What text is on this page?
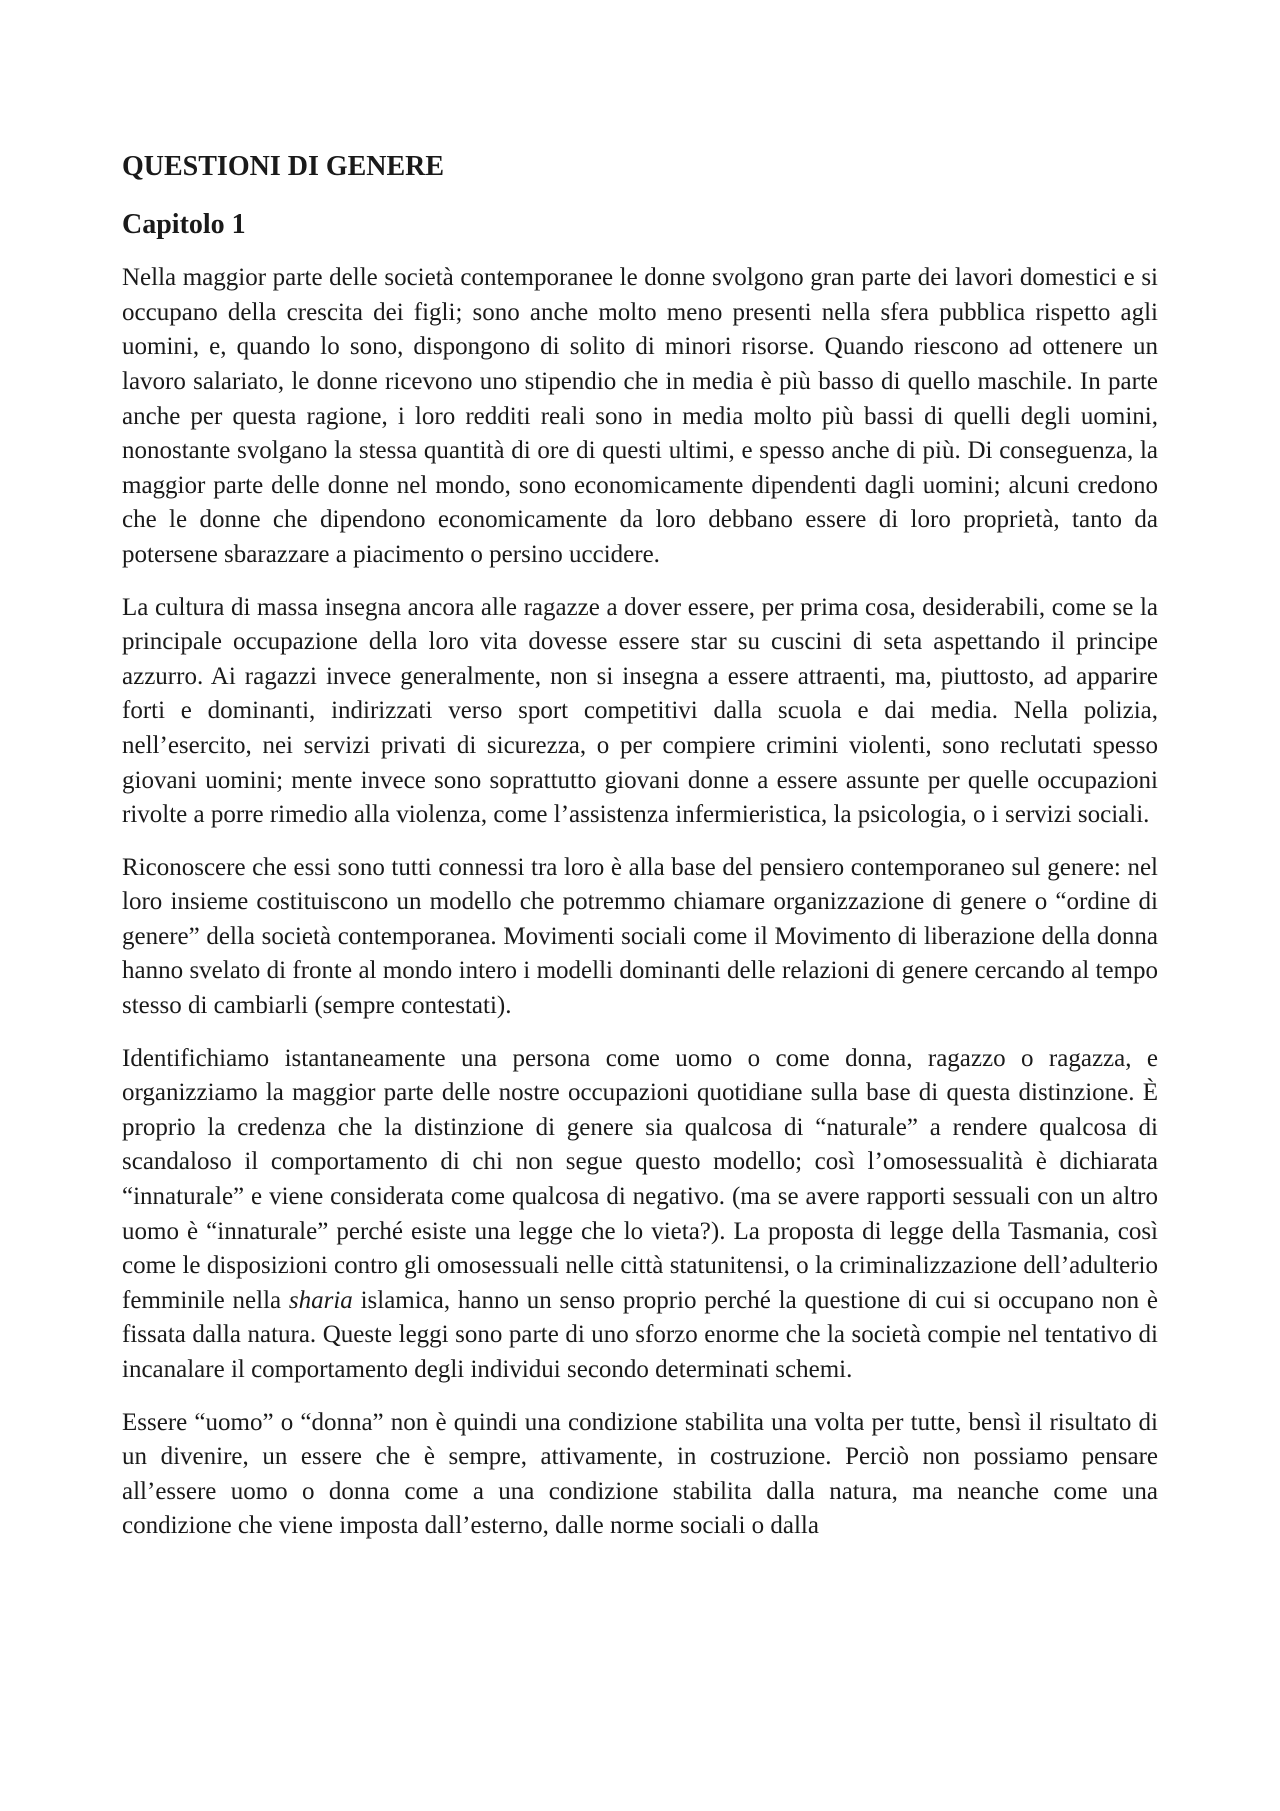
QUESTIONI DI GENERE
Capitolo 1

Nella maggior parte delle società contemporanee le donne svolgono gran parte dei lavori domestici e si occupano della crescita dei figli; sono anche molto meno presenti nella sfera pubblica rispetto agli uomini, e, quando lo sono, dispongono di solito di minori risorse. Quando riescono ad ottenere un lavoro salariato, le donne ricevono uno stipendio che in media è più basso di quello maschile. In parte anche per questa ragione, i loro redditi reali sono in media molto più bassi di quelli degli uomini, nonostante svolgano la stessa quantità di ore di questi ultimi, e spesso anche di più. Di conseguenza, la maggior parte delle donne nel mondo, sono economicamente dipendenti dagli uomini; alcuni credono che le donne che dipendono economicamente da loro debbano essere di loro proprietà, tanto da potersene sbarazzare a piacimento o persino uccidere.

La cultura di massa insegna ancora alle ragazze a dover essere, per prima cosa, desiderabili, come se la principale occupazione della loro vita dovesse essere star su cuscini di seta aspettando il principe azzurro. Ai ragazzi invece generalmente, non si insegna a essere attraenti, ma, piuttosto, ad apparire forti e dominanti, indirizzati verso sport competitivi dalla scuola e dai media. Nella polizia, nell’esercito, nei servizi privati di sicurezza, o per compiere crimini violenti, sono reclutati spesso giovani uomini; mente invece sono soprattutto giovani donne a essere assunte per quelle occupazioni rivolte a porre rimedio alla violenza, come l’assistenza infermieristica, la psicologia, o i servizi sociali.

Riconoscere che essi sono tutti connessi tra loro è alla base del pensiero contemporaneo sul genere: nel loro insieme costituiscono un modello che potremmo chiamare organizzazione di genere o “ordine di genere” della società contemporanea. Movimenti sociali come il Movimento di liberazione della donna hanno svelato di fronte al mondo intero i modelli dominanti delle relazioni di genere cercando al tempo stesso di cambiarli (sempre contestati).

Identifichiamo istantaneamente una persona come uomo o come donna, ragazzo o ragazza, e organizziamo la maggior parte delle nostre occupazioni quotidiane sulla base di questa distinzione. È proprio la credenza che la distinzione di genere sia qualcosa di “naturale” a rendere qualcosa di scandaloso il comportamento di chi non segue questo modello; così l’omosessualità è dichiarata “innaturale” e viene considerata come qualcosa di negativo. (ma se avere rapporti sessuali con un altro uomo è “innaturale” perché esiste una legge che lo vieta?). La proposta di legge della Tasmania, così come le disposizioni contro gli omosessuali nelle città statunitensi, o la criminalizzazione dell’adulterio femminile nella sharia islamica, hanno un senso proprio perché la questione di cui si occupano non è fissata dalla natura. Queste leggi sono parte di uno sforzo enorme che la società compie nel tentativo di incanalare il comportamento degli individui secondo determinati schemi.

Essere “uomo” o “donna” non è quindi una condizione stabilita una volta per tutte, bensì il risultato di un divenire, un essere che è sempre, attivamente, in costruzione. Perciò non possiamo pensare all’essere uomo o donna come a una condizione stabilita dalla natura, ma neanche come una condizione che viene imposta dall’esterno, dalle norme sociali o dalla
